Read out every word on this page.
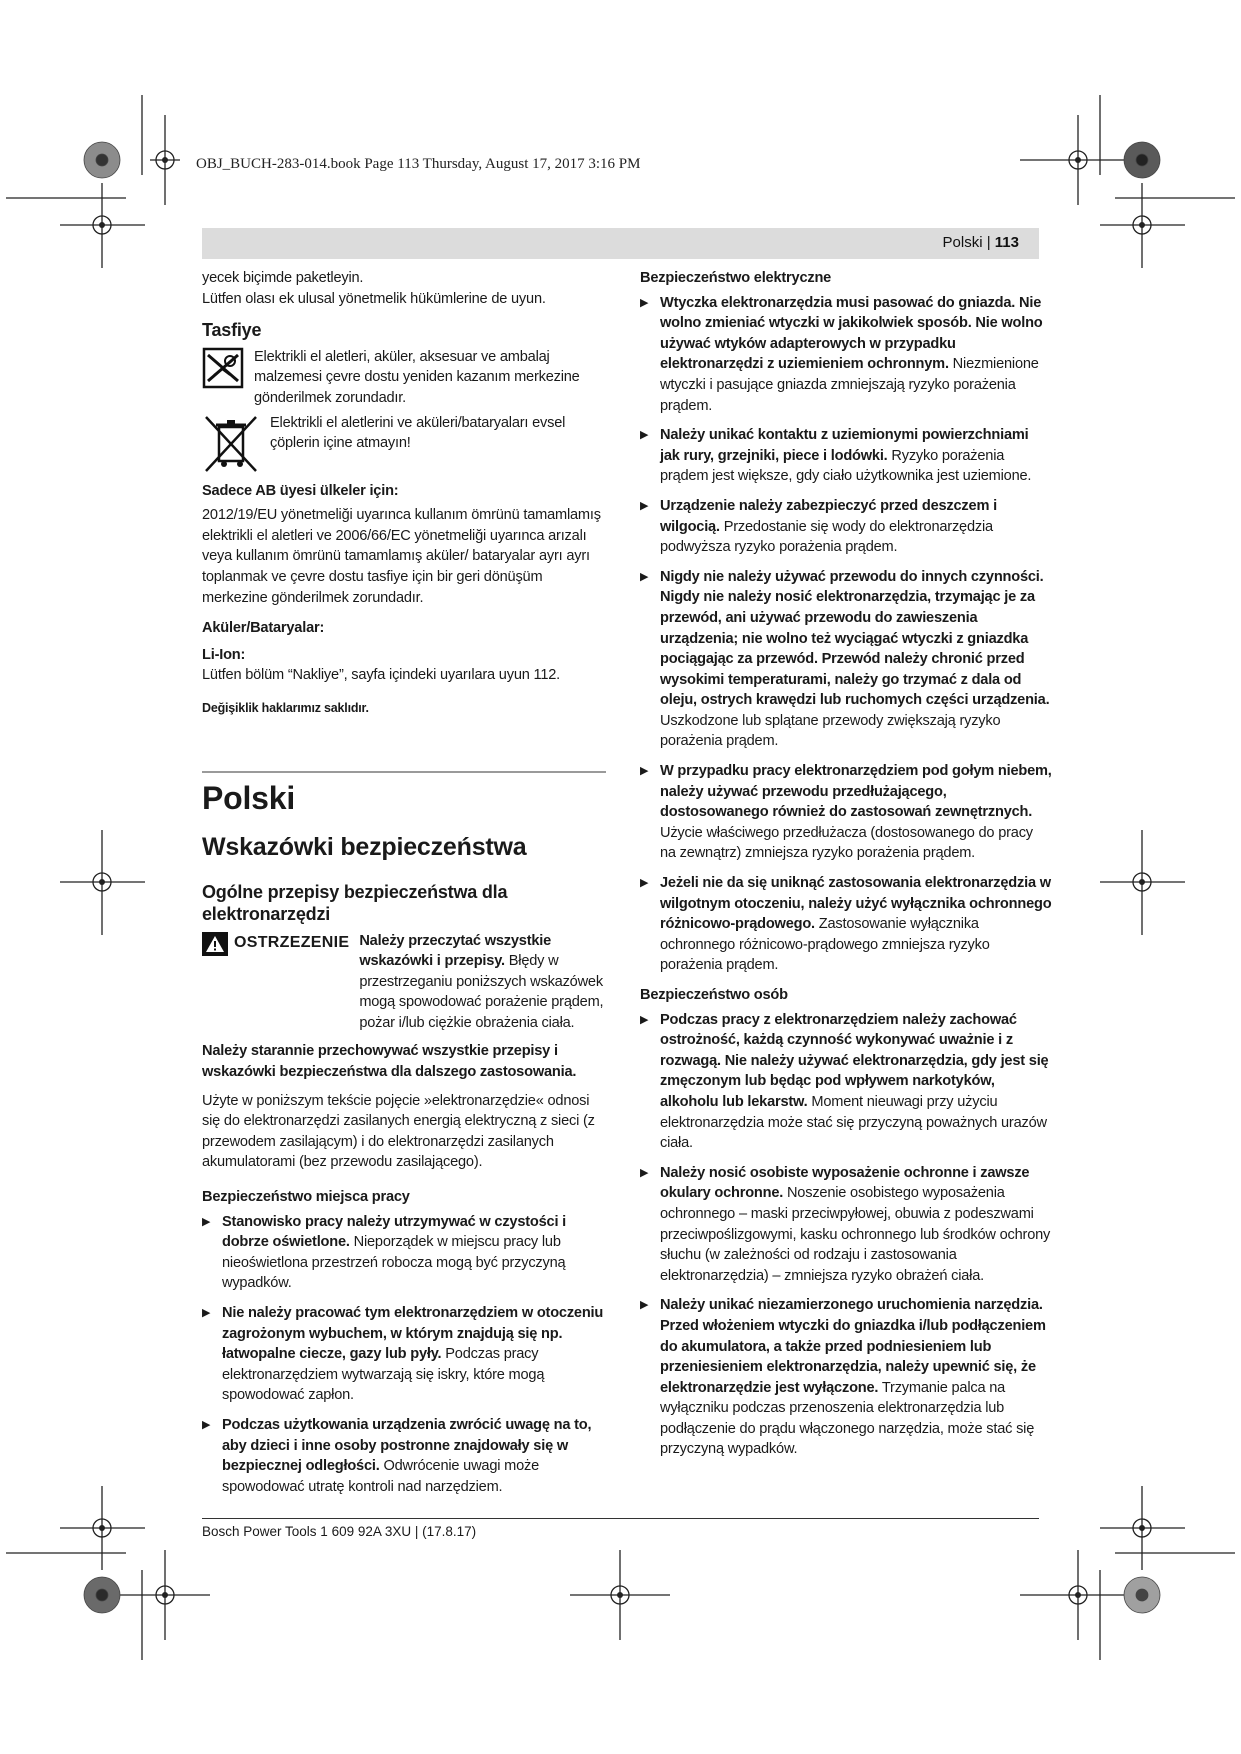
OBJ_BUCH-283-014.book Page 113 Thursday, August 17, 2017 3:16 PM
Polski | 113

yecek biçimde paketleyin.

Lütfen olası ek ulusal yönetmelik hükümlerine de uyun.

Tasfiye

Elektrikli el aletleri, aküler, aksesuar ve ambalaj malzemesi çevre dostu yeniden kazanım merkezine gönderilmek zorundadır.

Elektrikli el aletlerini ve aküleri/bataryaları evsel çöplerin içine atmayın!

Sadece AB üyesi ülkeler için:

2012/19/EU yönetmeliği uyarınca kullanım ömrünü tamamlamış elektrikli el aletleri ve 2006/66/EC yönetmeliği uyarınca arızalı veya kullanım ömrünü tamamlamış aküler/ bataryalar ayrı ayrı toplanmak ve çevre dostu tasfiye için bir geri dönüşüm merkezine gönderilmek zorundadır.

Aküler/Bataryalar:

Li-Ion:

Lütfen bölüm “Nakliye”, sayfa içindeki uyarılara uyun 112.

Değişiklik haklarımız saklıdır.

Polski

Wskazówki bezpieczeństwa

Ogólne przepisy bezpieczeństwa dla elektronarzędzi

OSTRZEZENIE Należy przeczytać wszystkie wskazówki i przepisy. Błędy w przestrzeganiu poniższych wskazówek mogą spowodować porażenie prądem, pożar i/lub ciężkie obrażenia ciała.

Należy starannie przechowywać wszystkie przepisy i wskazówki bezpieczeństwa dla dalszego zastosowania.

Użyte w poniższym tekście pojęcie »elektronarzędzie« odnosi się do elektronarzędzi zasilanych energią elektryczną z sieci (z przewodem zasilającym) i do elektronarzędzi zasilanych akumulatorami (bez przewodu zasilającego).

Bezpieczeństwo miejsca pracy

▶ Stanowisko pracy należy utrzymywać w czystości i dobrze oświetlone. Nieporządek w miejscu pracy lub nieoświetlona przestrzeń robocza mogą być przyczyną wypadków.
▶ Nie należy pracować tym elektronarzędziem w otoczeniu zagrożonym wybuchem, w którym znajdują się np. łatwopalne ciecze, gazy lub pyły. Podczas pracy elektronarzędziem wytwarzają się iskry, które mogą spowodować zapłon.
▶ Podczas użytkowania urządzenia zwrócić uwagę na to, aby dzieci i inne osoby postronne znajdowały się w bezpiecznej odległości. Odwrócenie uwagi może spowodować utratę kontroli nad narzędziem.

Bezpieczeństwo elektryczne

▶ Wtyczka elektronarzędzia musi pasować do gniazda. Nie wolno zmieniać wtyczki w jakikolwiek sposób. Nie wolno używać wtyków adapterowych w przypadku elektronarzędzi z uziemieniem ochronnym. Niezmienione wtyczki i pasujące gniazda zmniejszają ryzyko porażenia prądem.
▶ Należy unikać kontaktu z uziemionymi powierzchniami jak rury, grzejniki, piece i lodówki. Ryzyko porażenia prądem jest większe, gdy ciało użytkownika jest uziemione.
▶ Urządzenie należy zabezpieczyć przed deszczem i wilgocią. Przedostanie się wody do elektronarzędzia podwyższa ryzyko porażenia prądem.
▶ Nigdy nie należy używać przewodu do innych czynności. Nigdy nie należy nosić elektronarzędzia, trzymając je za przewód, ani używać przewodu do zawieszenia urządzenia; nie wolno też wyciągać wtyczki z gniazdka pociągając za przewód. Przewód należy chronić przed wysokimi temperaturami, należy go trzymać z dala od oleju, ostrych krawędzi lub ruchomych części urządzenia. Uszkodzone lub splątane przewody zwiększają ryzyko porażenia prądem.
▶ W przypadku pracy elektronarzędziem pod gołym niebem, należy używać przewodu przedłużającego, dostosowanego również do zastosowań zewnętrznych. Użycie właściwego przedłużacza (dostosowanego do pracy na zewnątrz) zmniejsza ryzyko porażenia prądem.
▶ Jeżeli nie da się uniknąć zastosowania elektronarzędzia w wilgotnym otoczeniu, należy użyć wyłącznika ochronnego różnicowo-prądowego. Zastosowanie wyłącznika ochronnego różnicowo-prądowego zmniejsza ryzyko porażenia prądem.

Bezpieczeństwo osób

▶ Podczas pracy z elektronarzędziem należy zachować ostrożność, każdą czynność wykonywać uważnie i z rozwagą. Nie należy używać elektronarzędzia, gdy jest się zmęczonym lub będąc pod wpływem narkotyków, alkoholu lub lekarstw. Moment nieuwagi przy użyciu elektronarzędzia może stać się przyczyną poważnych urazów ciała.
▶ Należy nosić osobiste wyposażenie ochronne i zawsze okulary ochronne. Noszenie osobistego wyposażenia ochronnego – maski przeciwpyłowej, obuwia z podeszwami przeciwpoślizgowymi, kasku ochronnego lub środków ochrony słuchu (w zależności od rodzaju i zastosowania elektronarzędzia) – zmniejsza ryzyko obrażeń ciała.
▶ Należy unikać niezamierzonego uruchomienia narzędzia. Przed włożeniem wtyczki do gniazdka i/lub podłączeniem do akumulatora, a także przed podniesieniem lub przeniesieniem elektronarzędzia, należy upewnić się, że elektronarzędzie jest wyłączone. Trzymanie palca na wyłączniku podczas przenoszenia elektronarzędzia lub podłączenie do prądu włączonego narzędzia, może stać się przyczyną wypadków.
Bosch Power Tools 1 609 92A 3XU | (17.8.17)
